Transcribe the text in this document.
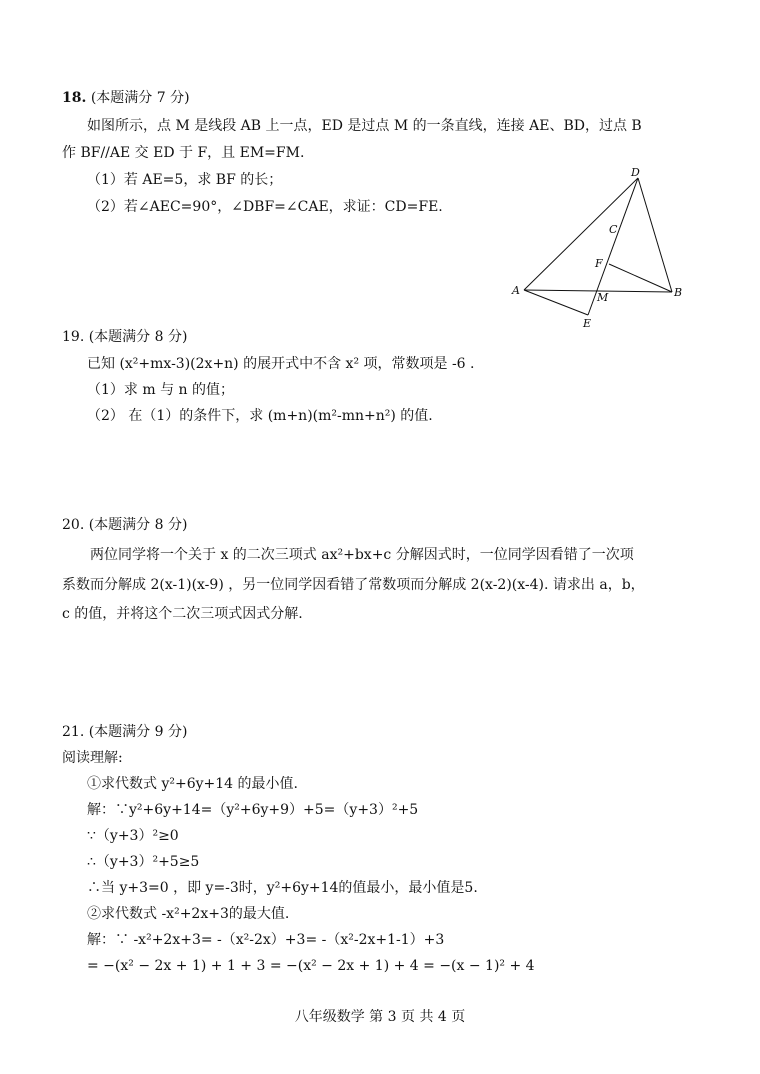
18. (本题满分 7 分)
如图所示，点 M 是线段 AB 上一点，ED 是过点 M 的一条直线，连接 AE、BD，过点 B
作 BF//AE 交 ED 于 F，且 EM=FM.
（1）若 AE=5，求 BF 的长；
（2）若∠AEC=90°，∠DBF=∠CAE，求证：CD=FE.
D
C
F
A
M	B
E
19. (本题满分 8 分)
已知 (x²+mx-3)(2x+n) 的展开式中不含 x² 项，常数项是 -6 .
（1）求 m 与 n 的值；
（2） 在（1）的条件下，求 (m+n)(m²-mn+n²) 的值.
20. (本题满分 8 分)
两位同学将一个关于 x 的二次三项式 ax²+bx+c 分解因式时，一位同学因看错了一次项
系数而分解成 2(x-1)(x-9) ，另一位同学因看错了常数项而分解成 2(x-2)(x-4). 请求出 a，b，
c 的值，并将这个二次三项式因式分解.
21. (本题满分 9 分)
阅读理解:
①求代数式 y²+6y+14 的最小值.
解：∵y²+6y+14=（y²+6y+9）+5=（y+3）²+5
∵（y+3）²≥0
∴（y+3）²+5≥5
∴当 y+3=0 ，即 y=-3时，y²+6y+14的值最小，最小值是5.
②求代数式 -x²+2x+3的最大值.
解：∵ -x²+2x+3= -（x²-2x）+3= -（x²-2x+1-1）+3
= −(x² − 2x + 1) + 1 + 3 = −(x² − 2x + 1) + 4 = −(x − 1)² + 4
八年级数学 第 3 页 共 4 页
